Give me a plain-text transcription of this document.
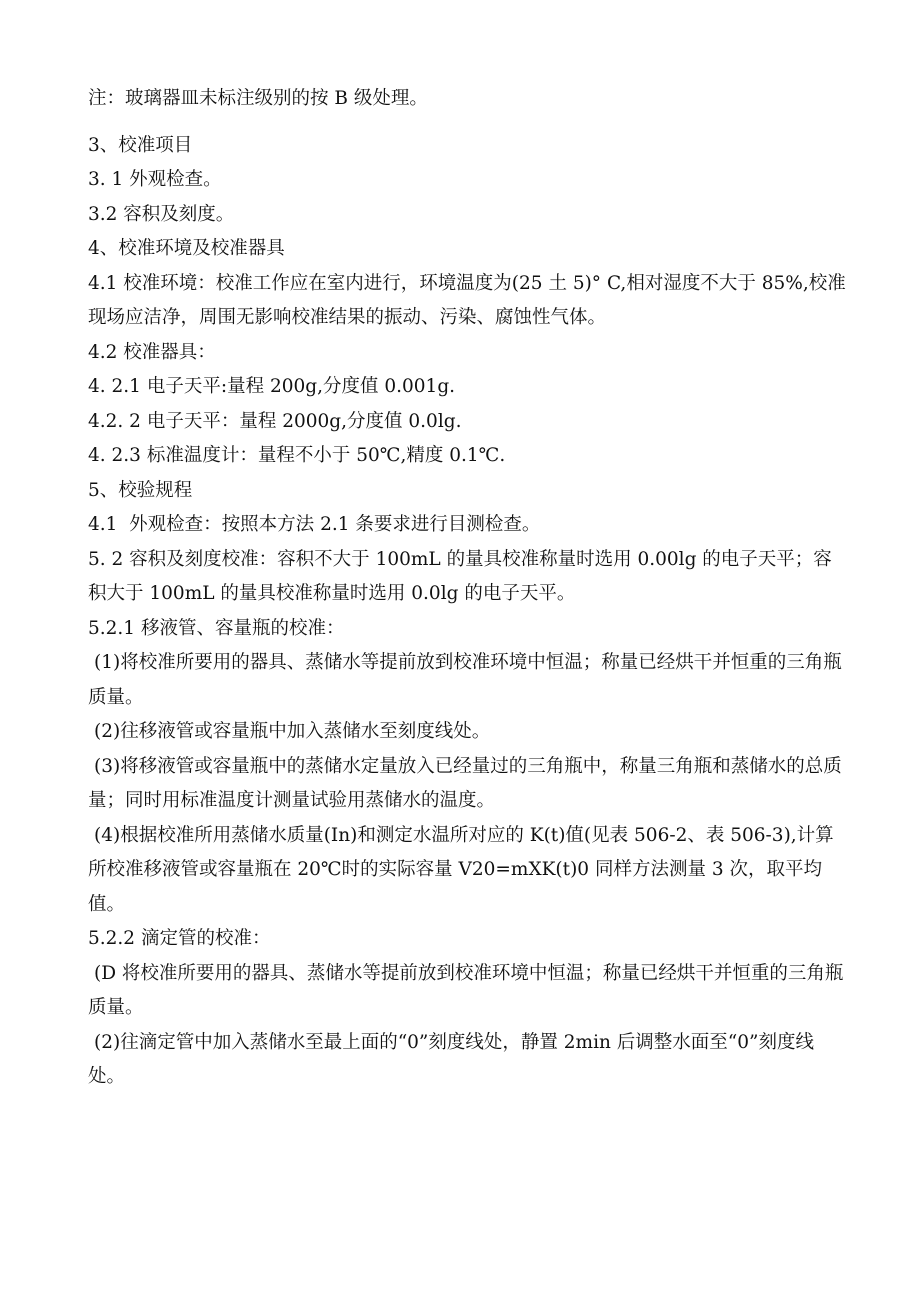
注：玻璃器皿未标注级别的按 B 级处理。

3、校准项目

3. 1 外观检查。

3.2 容积及刻度。

4、校准环境及校准器具

4.1 校准环境：校准工作应在室内进行，环境温度为(25 土 5)° C,相对湿度不大于 85%,校准现场应洁净，周围无影响校准结果的振动、污染、腐蚀性气体。

4.2 校准器具：

4. 2.1 电子天平:量程 200g,分度值 0.001g.

4.2. 2 电子天平：量程 2000g,分度值 0.0lg.

4. 2.3 标准温度计：量程不小于 50℃,精度 0.1℃.

5、校验规程

4.1  外观检查：按照本方法 2.1 条要求进行目测检查。

5. 2 容积及刻度校准：容积不大于 100mL 的量具校准称量时选用 0.00lg 的电子天平；容积大于 100mL 的量具校准称量时选用 0.0lg 的电子天平。

5.2.1 移液管、容量瓶的校准：

(1)将校准所要用的器具、蒸储水等提前放到校准环境中恒温；称量已经烘干并恒重的三角瓶质量。

(2)往移液管或容量瓶中加入蒸储水至刻度线处。

(3)将移液管或容量瓶中的蒸储水定量放入已经量过的三角瓶中，称量三角瓶和蒸储水的总质量；同时用标准温度计测量试验用蒸储水的温度。

(4)根据校准所用蒸储水质量(In)和测定水温所对应的 K(t)值(见表 506-2、表 506-3),计算所校准移液管或容量瓶在 20℃时的实际容量 V20=mXK(t)0 同样方法测量 3 次，取平均值。

5.2.2 滴定管的校准：

(D 将校准所要用的器具、蒸储水等提前放到校准环境中恒温；称量已经烘干并恒重的三角瓶质量。

(2)往滴定管中加入蒸储水至最上面的“0”刻度线处，静置 2min 后调整水面至“0”刻度线处。
